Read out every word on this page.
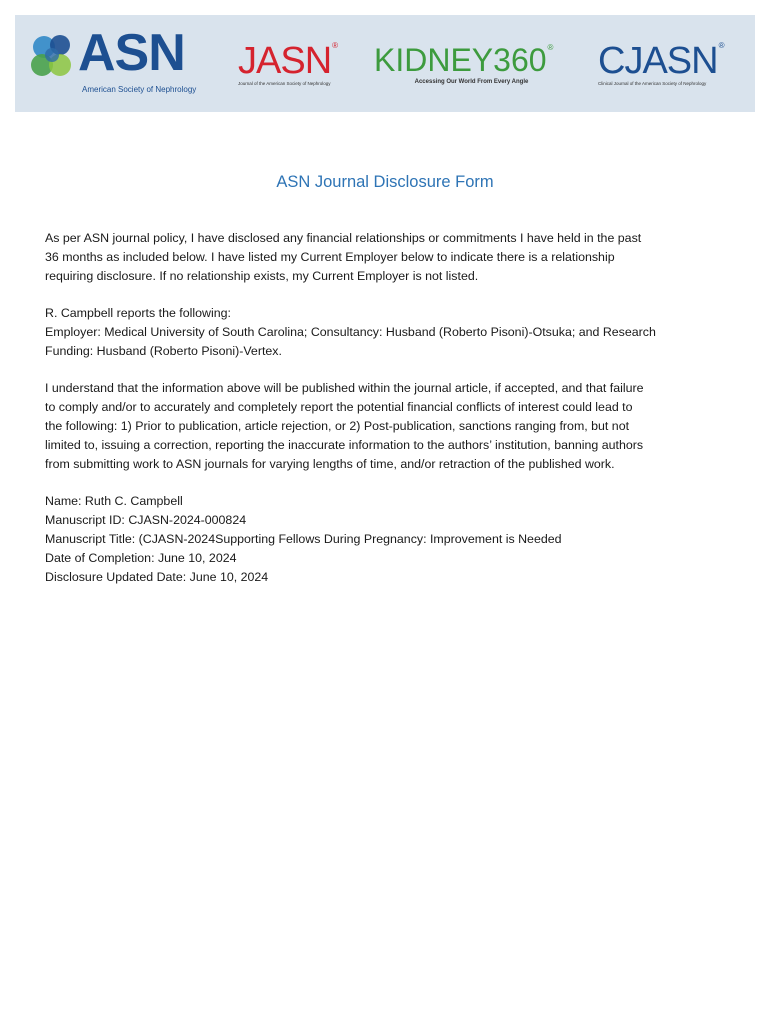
ASN
American Society of Nephrology
JASN®
Journal of the American Society of Nephrology
KIDNEY360®
Accessing Our World From Every Angle	CJASN®
Clinical Journal of the American Society of Nephrology
ASN Journal Disclosure Form

As per ASN journal policy, I have disclosed any financial relationships or commitments I have held in the past
36 months as included below. I have listed my Current Employer below to indicate there is a relationship
requiring disclosure. If no relationship exists, my Current Employer is not listed.

R. Campbell reports the following:
Employer: Medical University of South Carolina; Consultancy: Husband (Roberto Pisoni)-Otsuka; and Research
Funding: Husband (Roberto Pisoni)-Vertex.

I understand that the information above will be published within the journal article, if accepted, and that failure
to comply and/or to accurately and completely report the potential financial conflicts of interest could lead to
the following: 1) Prior to publication, article rejection, or 2) Post-publication, sanctions ranging from, but not
limited to, issuing a correction, reporting the inaccurate information to the authors’ institution, banning authors
from submitting work to ASN journals for varying lengths of time, and/or retraction of the published work.

Name: Ruth C. Campbell
Manuscript ID: CJASN-2024-000824
Manuscript Title: (CJASN-2024Supporting Fellows During Pregnancy: Improvement is Needed
Date of Completion: June 10, 2024
Disclosure Updated Date: June 10, 2024
